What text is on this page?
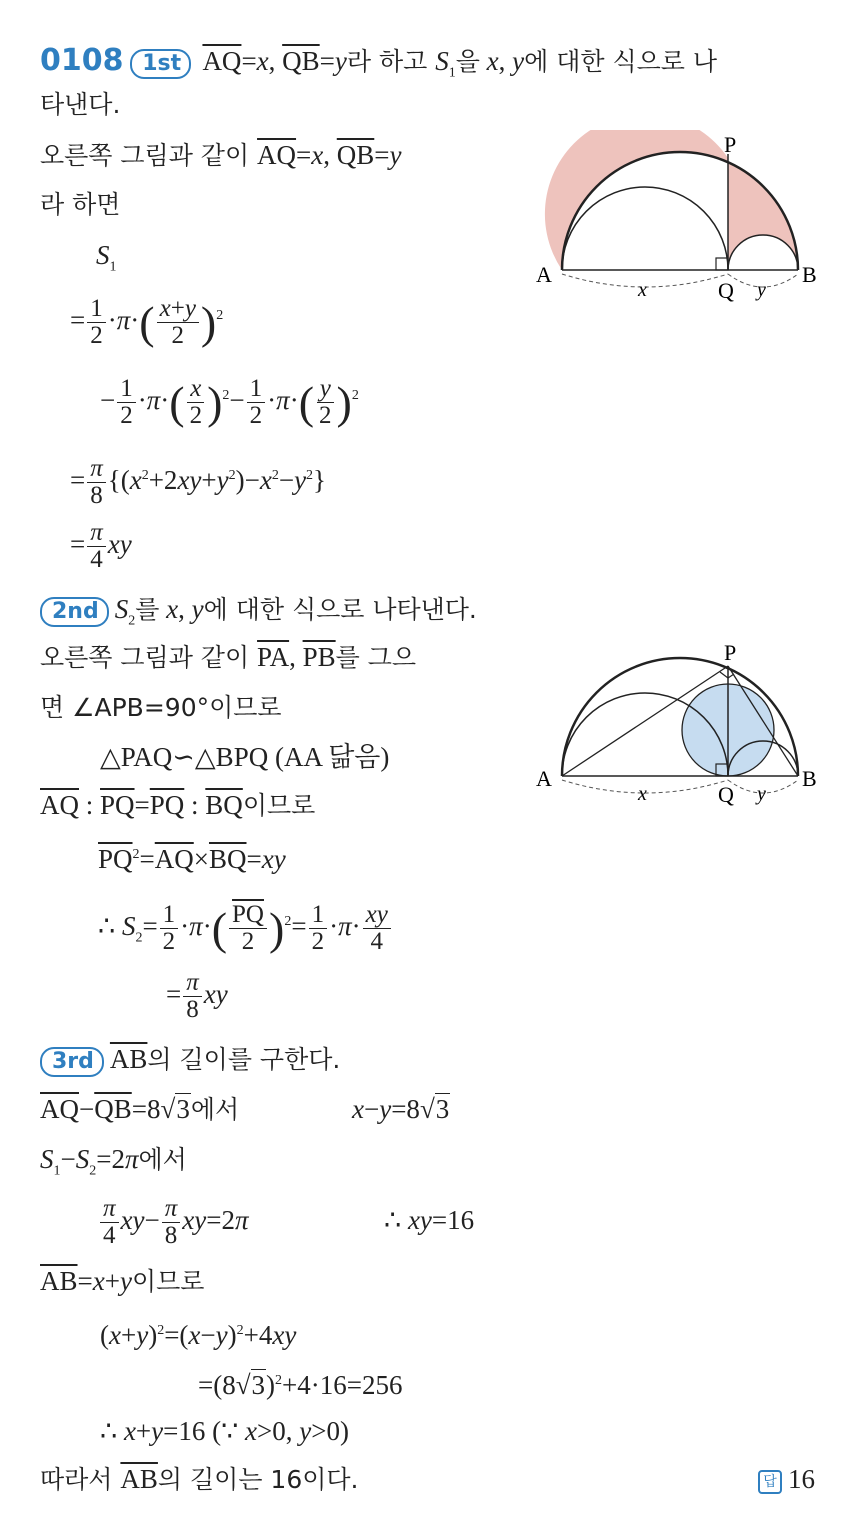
0108 1st $\overline{AQ}=x$, $\overline{QB}=y$라 하고 $S_1$을 x, y에 대한 식으로 나
타낸다.
오른쪽 그림과 같이 $\overline{AQ}=x$, $\overline{QB}=y$
라 하면
$S_1$
= $\frac{1}{2} \cdot\pi\cdot( \frac{x+y}{2} )^2$
− $\frac{1}{2} \cdot\pi\cdot( \frac{x}{2} )^2- \frac{1}{2} \cdot\pi\cdot( \frac{y}{2} )^2$
= $\frac{\pi}{8} \{(x^2+2xy+y^2)-x^2-y^2\}$
= $\frac{\pi}{4}$ xy
P
A	B
Q
x	y
2nd $S_2$를 x, y에 대한 식으로 나타낸다.
오른쪽 그림과 같이 $\overline{PA}$, $\overline{PB}$를 그으
면 ∠APB=90°이므로
△PAQ∽△BPQ (AA 닮음)
$\overline{AQ}$ : $\overline{PQ}=\overline{PQ}$ : $\overline{BQ}$이므로
$\overline{PQ}^2=\overline{AQ}\times\overline{BQ}=xy$
∴ $S_2= \frac{1}{2} \cdot\pi\cdot( \frac{\overline{PQ}}{2} )^2= \frac{1}{2} \cdot\pi\cdot \frac{xy}{4}$
= $\frac{\pi}{8}$ xy
P
A	B
Q
x	y
3rd $\overline{AB}$의 길이를 구한다.
$\overline{AQ}-\overline{QB}=8√3$에서	x−y=8√3
$S_1-S_2=2\pi$에서
$\frac{\pi}{4} xy- \frac{\pi}{8} xy=2\pi$	∴ xy=16
$\overline{AB}=x+y$이므로
$(x+y)^2=(x-y)^2+4xy$
$=(8√3)^2+4\cdot 16=256$
∴ x+y=16 (∵ x>0, y>0)
따라서 $\overline{AB}$의 길이는 16이다.	답 16
